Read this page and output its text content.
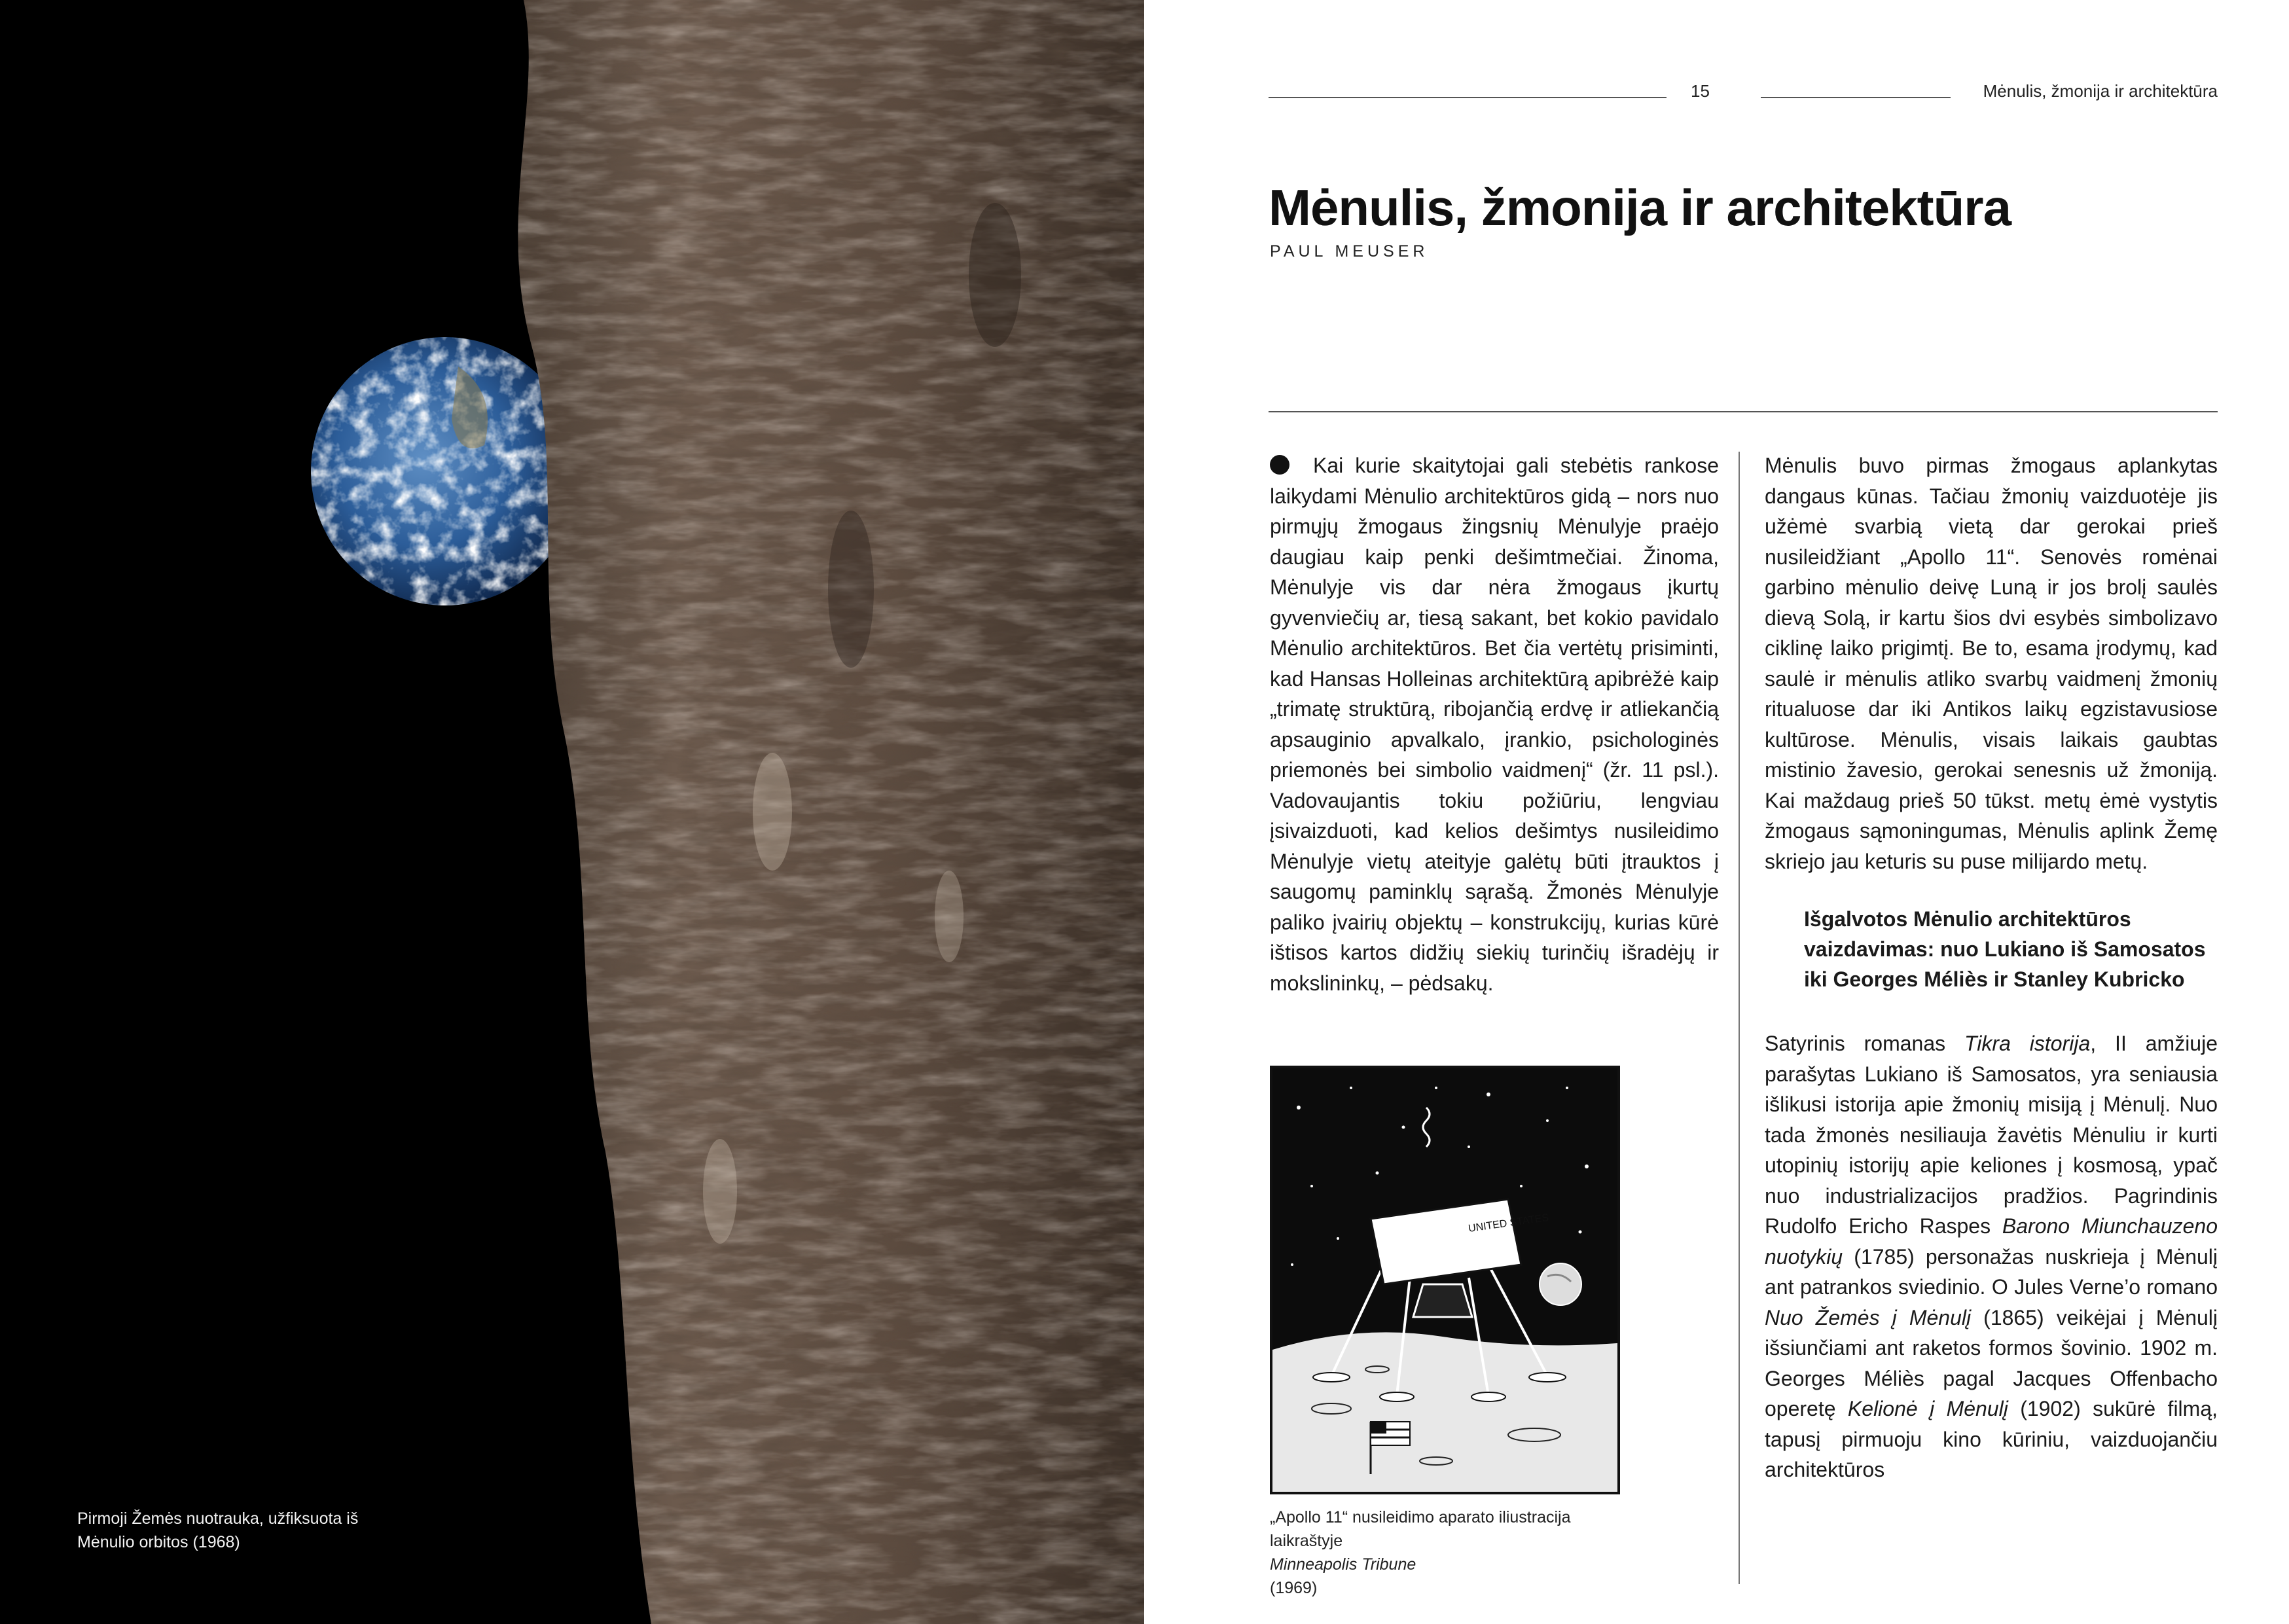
Pirmoji Žemės nuotrauka, užfiksuota iš
Mėnulio orbitos (1968)
15	Mėnulis, žmonija ir architektūra
Mėnulis, žmonija ir architektūra
PAUL MEUSER

Kai kurie skaitytojai gali stebėtis rankose laikydami Mėnulio architektūros gidą – nors nuo pirmųjų žmogaus žingsnių Mėnulyje praėjo daugiau kaip penki dešimtmečiai. Žinoma, Mėnulyje vis dar nėra žmogaus įkurtų gyvenviečių ar, tiesą sakant, bet kokio pavidalo Mėnulio architektūros. Bet čia vertėtų prisiminti, kad Hansas Holleinas architektūrą apibrėžė kaip „trimatę struktūrą, ribojančią erdvę ir atliekančią apsauginio apvalkalo, įrankio, psichologinės priemonės bei simbolio vaidmenį“ (žr. 11 psl.). Vadovaujantis tokiu požiūriu, lengviau įsivaizduoti, kad kelios dešimtys nusileidimo Mėnulyje vietų ateityje galėtų būti įtrauktos į saugomų paminklų sąrašą. Žmonės Mėnulyje paliko įvairių objektų – konstrukcijų, kurias kūrė ištisos kartos didžių siekių turinčių išradėjų ir mokslininkų, – pėdsakų.

Mėnulis buvo pirmas žmogaus aplankytas dangaus kūnas. Tačiau žmonių vaizduotėje jis užėmė svarbią vietą dar gerokai prieš nusileidžiant „Apollo 11“. Senovės romėnai garbino mėnulio deivę Luną ir jos brolį saulės dievą Solą, ir kartu šios dvi esybės simbolizavo ciklinę laiko prigimtį. Be to, esama įrodymų, kad saulė ir mėnulis atliko svarbų vaidmenį žmonių ritualuose dar iki Antikos laikų egzistavusiose kultūrose. Mėnulis, visais laikais gaubtas mistinio žavesio, gerokai senesnis už žmoniją. Kai maždaug prieš 50 tūkst. metų ėmė vystytis žmogaus sąmoningumas, Mėnulis aplink Žemę skriejo jau keturis su puse milijardo metų.

Išgalvotos Mėnulio architektūros vaizdavimas: nuo Lukiano iš Samosatos iki Georges Méliès ir Stanley Kubricko

Satyrinis romanas Tikra istorija, II amžiuje parašytas Lukiano iš Samosatos, yra seniausia išlikusi istorija apie žmonių misiją į Mėnulį. Nuo tada žmonės nesiliauja žavėtis Mėnuliu ir kurti utopinių istorijų apie keliones į kosmosą, ypač nuo industrializacijos pradžios. Pagrindinis Rudolfo Ericho Raspes Barono Miunchauzeno nuotykių (1785) personažas nuskrieja į Mėnulį ant patrankos sviedinio. O Jules Verne’o romano Nuo Žemės į Mėnulį (1865) veikėjai į Mėnulį išsiunčiami ant raketos formos šovinio. 1902 m. Georges Méliès pagal Jacques Offenbacho operetę Kelionė į Mėnulį (1902) sukūrė filmą, tapusį pirmuoju kino kūriniu, vaizduojančiu architektūros

UNITED STATES
„Apollo 11“ nusileidimo aparato iliustracija
laikraštyje
Minneapolis Tribune
(1969)
